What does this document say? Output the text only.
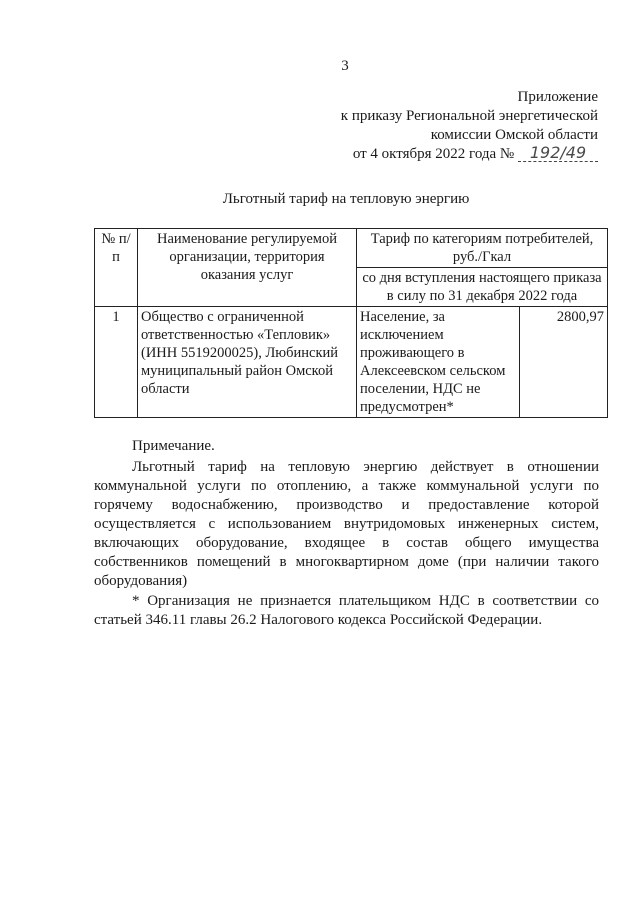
3
Приложение
к приказу Региональной энергетической
комиссии Омской области
от 4 октября 2022 года № 192/49
Льготный тариф на тепловую энергию
№ п/п	Наименование регулируемой организации, территория оказания услуг	Тариф по категориям потребителей, руб./Гкал	
		со дня вступления настоящего приказа в силу по 31 декабря 2022 года	
1	Общество с ограниченной ответственностью «Тепловик» (ИНН 5519200025), Любинский муниципальный район Омской области	Население, за исключением проживающего в Алексеевском сельском поселении, НДС не предусмотрен*	2800,97

Примечание.

Льготный тариф на тепловую энергию действует в отношении коммунальной услуги по отоплению, а также коммунальной услуги по горячему водоснабжению, производство и предоставление которой осуществляется с использованием внутридомовых инженерных систем, включающих оборудование, входящее в состав общего имущества собственников помещений в многоквартирном доме (при наличии такого оборудования)

* Организация не признается плательщиком НДС в соответствии со статьей 346.11 главы 26.2 Налогового кодекса Российской Федерации.
